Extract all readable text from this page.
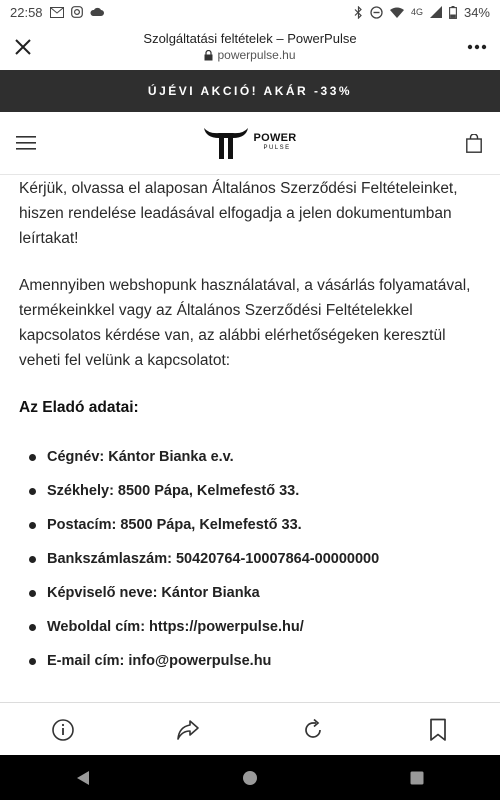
22:58	4G	34%
Szolgáltatási feltételek – PowerPulse
powerpulse.hu
ÚJÉVI AKCIÓ! AKÁR -33%
POWER
PULSE

Kérjük, olvassa el alaposan Általános Szerződési Feltételeinket, hiszen rendelése leadásával elfogadja a jelen dokumentumban leírtakat!

Amennyiben webshopunk használatával, a vásárlás folyamatával, termékeinkkel vagy az Általános Szerződési Feltételekkel kapcsolatos kérdése van, az alábbi elérhetőségeken keresztül veheti fel velünk a kapcsolatot:

Az Eladó adatai:

Cégnév: Kántor Bianka e.v.
Székhely: 8500 Pápa, Kelmefestő 33.
Postacím: 8500 Pápa, Kelmefestő 33.
Bankszámlaszám: 50420764-10007864-00000000
Képviselő neve: Kántor Bianka
Weboldal cím: https://powerpulse.hu/
E-mail cím: info@powerpulse.hu
